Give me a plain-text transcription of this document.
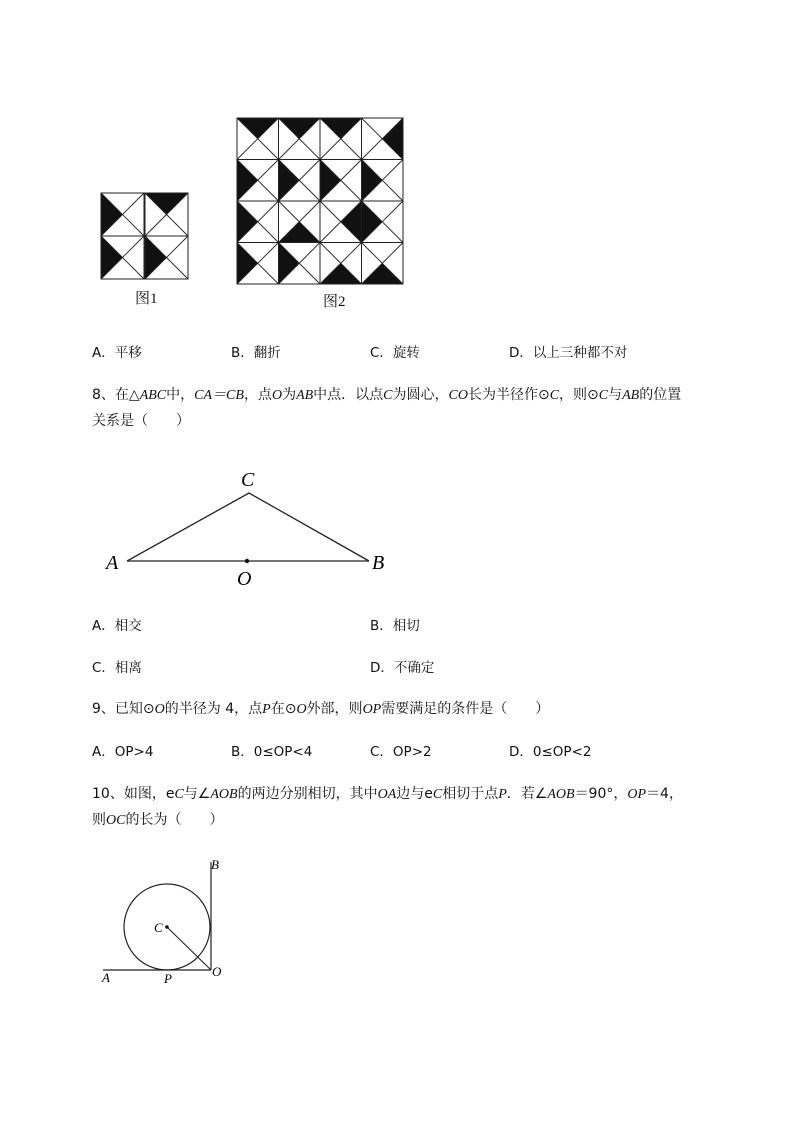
图1	图2
A．平移	B．翻折	C．旋转	D．以上三种都不对
8、在△ABC中，CA＝CB，点O为AB中点．以点C为圆心，CO长为半径作⊙C，则⊙C与AB的位置
关系是（　　）
C
A	B
O
A．相交	B．相切
C．相离	D．不确定
9、已知⊙O的半径为 4，点P在⊙O外部，则OP需要满足的条件是（　　）
A．OP>4	B．0≤OP<4	C．OP>2	D．0≤OP<2
10、如图，eC与∠AOB的两边分别相切，其中OA边与eC相切于点P．若∠AOB＝90°，OP＝4，
则OC的长为（　　）
B
C
O
A	P
